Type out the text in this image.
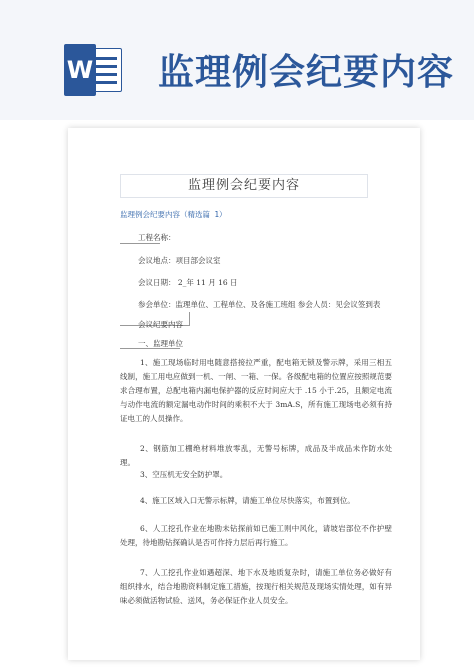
W 监理例会纪要内容
监理例会纪要内容
监理例会纪要内容（精选篇 1）
工程名称：
会议地点：项目部会议室
会议日期： 2_年 11 月 16 日
参会单位：监理单位、工程单位、及各施工班组 参会人员：见会议签到表
会议纪要内容
一、监理单位
1、施工现场临时用电随意搭接拉严重，配电箱无锁及警示牌，采用三相五线制，施工用电应做到一机、一闸、一箱、一保。各级配电箱的位置应按照规范要求合理布置，总配电箱内漏电保护器的反应时间应大于 .15 小于.25，且额定电流与动作电流的额定漏电动作时间的乘积不大于 3mA.S，所有施工现场电必须有持证电工的人员操作。
2、钢筋加工棚绝材料堆放零乱，无警号标牌，成品及半成品未作防水处理。
3、空压机无安全防护罩。
4、施工区域入口无警示标牌，请施工单位尽快落实，布置到位。
6、人工挖孔作业在地勘未钻探前如已施工则中风化，请坡岩部位不作护壁处理，待地勘钻探确认是否可作持力层后再行施工。
7、人工挖孔作业如遇超深、地下水及地质复杂时，请施工单位务必做好有组织排水，结合地勘资料制定施工措施，按现行相关规范及现场实情处理，如有异味必须做活物试验、送风，务必保证作业人员安全。
